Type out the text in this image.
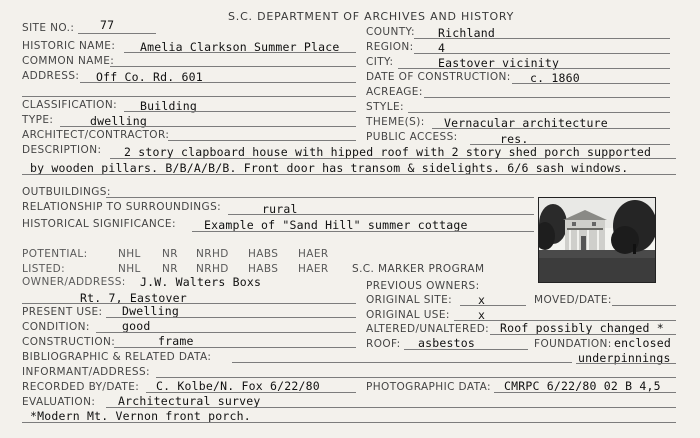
SITE NO.: 77
S.C. DEPARTMENT OF ARCHIVES AND HISTORY
HISTORIC NAME: Amelia Clarkson Summer Place
COMMON NAME:
ADDRESS: Off Co. Rd. 601
CLASSIFICATION: Building
TYPE:	dwelling
ARCHITECT/CONTRACTOR:
COUNTY: Richland
REGION: 4
CITY:	Eastover vicinity
DATE OF CONSTRUCTION: c. 1860
ACREAGE:
STYLE:
THEME(S): Vernacular architecture
PUBLIC ACCESS:	res.
DESCRIPTION: 2 story clapboard house with hipped roof with 2 story shed porch supported
by wooden pillars. B/B/A/B/B. Front door has transom & sidelights. 6/6 sash windows.
OUTBUILDINGS:
RELATIONSHIP TO SURROUNDINGS:	rural
HISTORICAL SIGNIFICANCE: Example of "Sand Hill" summer cottage
POTENTIAL:	NHL NR NRHD HABS HAER
LISTED:	NHL NR NRHD HABS HAER S.C. MARKER PROGRAM
OWNER/ADDRESS: J.W. Walters Boxs
Rt. 7, Eastover
PREVIOUS OWNERS:
ORIGINAL SITE: x	MOVED/DATE:
ORIGINAL USE: x
ALTERED/UNALTERED: Roof possibly changed *
ROOF: asbestos	FOUNDATION: enclosed
underpinnings
PRESENT USE: Dwelling
CONDITION:	good
CONSTRUCTION:	frame
BIBLIOGRAPHIC & RELATED DATA:
INFORMANT/ADDRESS:
RECORDED BY/DATE: C. Kolbe/N. Fox 6/22/80	PHOTOGRAPHIC DATA: CMRPC 6/22/80 02 B 4,5
EVALUATION: Architectural survey
*Modern Mt. Vernon front porch.
